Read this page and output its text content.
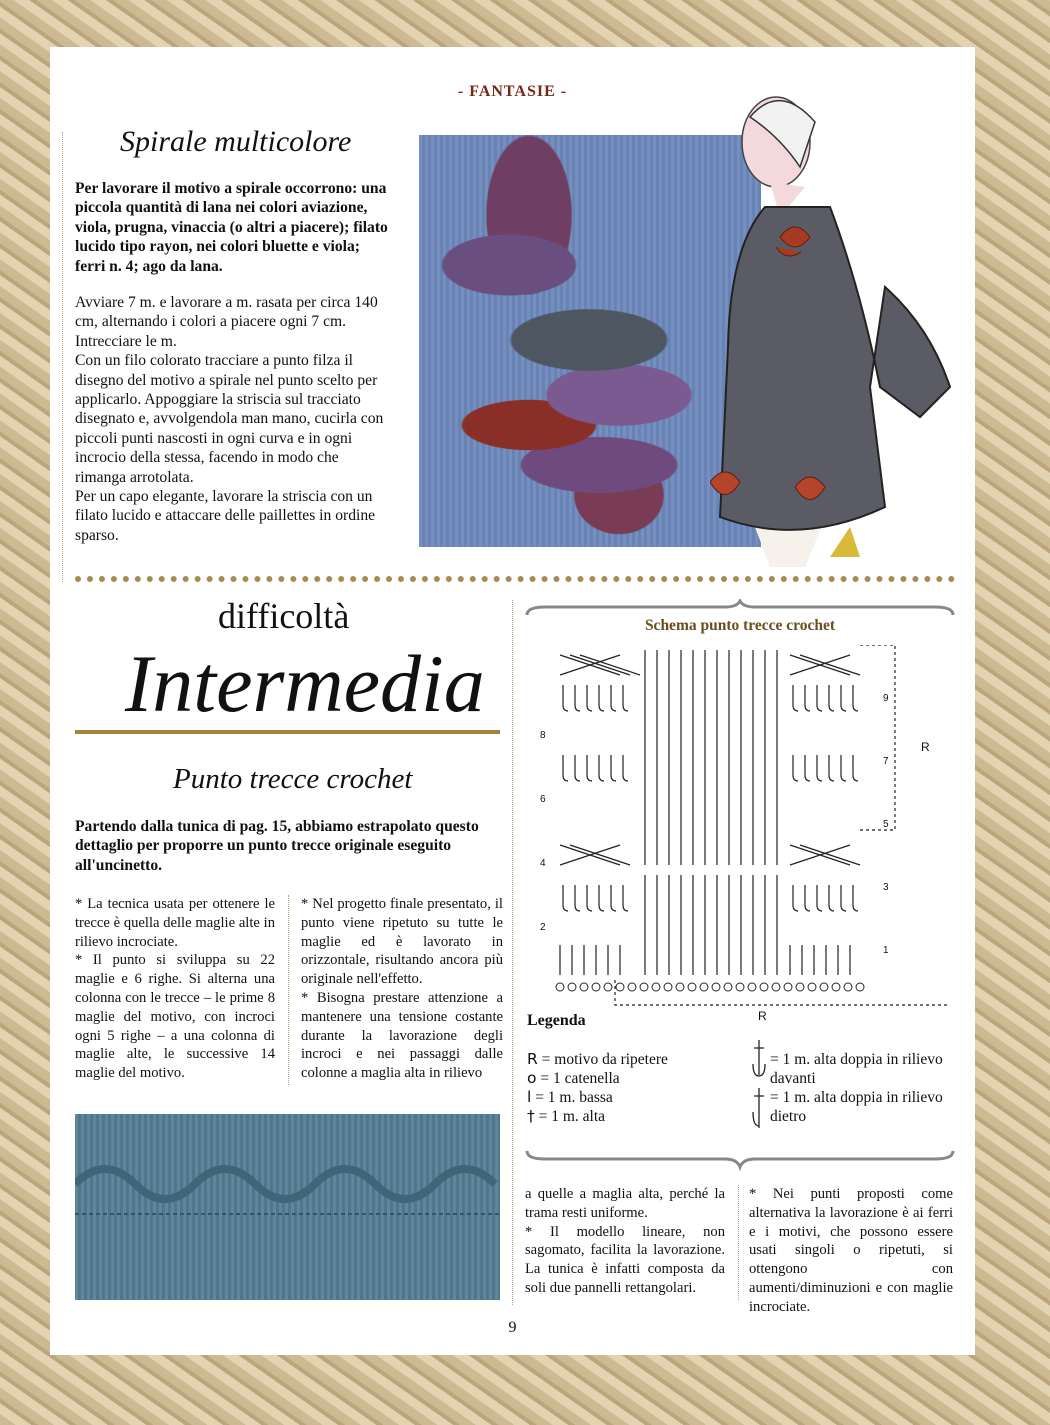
- FANTASIE -
Spirale multicolore

Per lavorare il motivo a spirale occorrono: una piccola quantità di lana nei colori aviazione, viola, prugna, vinaccia (o altri a piacere); filato lucido tipo rayon, nei colori bluette e viola; ferri n. 4; ago da lana.

Avviare 7 m. e lavorare a m. rasata per circa 140 cm, alternando i colori a piacere ogni 7 cm. Intrecciare le m.
Con un filo colorato tracciare a punto filza il disegno del motivo a spirale nel punto scelto per applicarlo. Appoggiare la striscia sul tracciato disegnato e, avvolgendola man mano, cucirla con piccoli punti nascosti in ogni curva e in ogni incrocio della stessa, facendo in modo che rimanga arrotolata.
Per un capo elegante, lavorare la striscia con un filato lucido e attaccare delle paillettes in ordine sparso.

difficoltà
Intermedia
Punto trecce crochet

Partendo dalla tunica di pag. 15, abbiamo estrapolato questo dettaglio per proporre un punto trecce originale eseguito all'uncinetto.

* La tecnica usata per ottenere le trecce è quella delle maglie alte in rilievo incrociate.
* Il punto si sviluppa su 22 maglie e 6 righe. Si alterna una colonna con le trecce – le prime 8 maglie del motivo, con incroci ogni 5 righe – a una colonna di maglie alte, le successive 14 maglie del motivo.

* Nel progetto finale presentato, il punto viene ripetuto su tutte le maglie ed è lavorato in orizzontale, risultando ancora più originale nell'effetto.
* Bisogna prestare attenzione a mantenere una tensione costante durante la lavorazione degli incroci e nei passaggi dalle colonne a maglia alta in rilievo

Schema punto trecce crochet
8
6
4
2
9
7
5
3
1
R
R
Legenda
R = motivo da ripetere
o = 1 catenella
l = 1 m. bassa
† = 1 m. alta
= 1 m. alta doppia in rilievo davanti
= 1 m. alta doppia in rilievo dietro

a quelle a maglia alta, perché la trama resti uniforme.
* Il modello lineare, non sagomato, facilita la lavorazione. La tunica è infatti composta da soli due pannelli rettangolari.

* Nei punti proposti come alternativa la lavorazione è ai ferri e i motivi, che possono essere usati singoli o ripetuti, si ottengono con aumenti/diminuzioni e con maglie incrociate.

9
